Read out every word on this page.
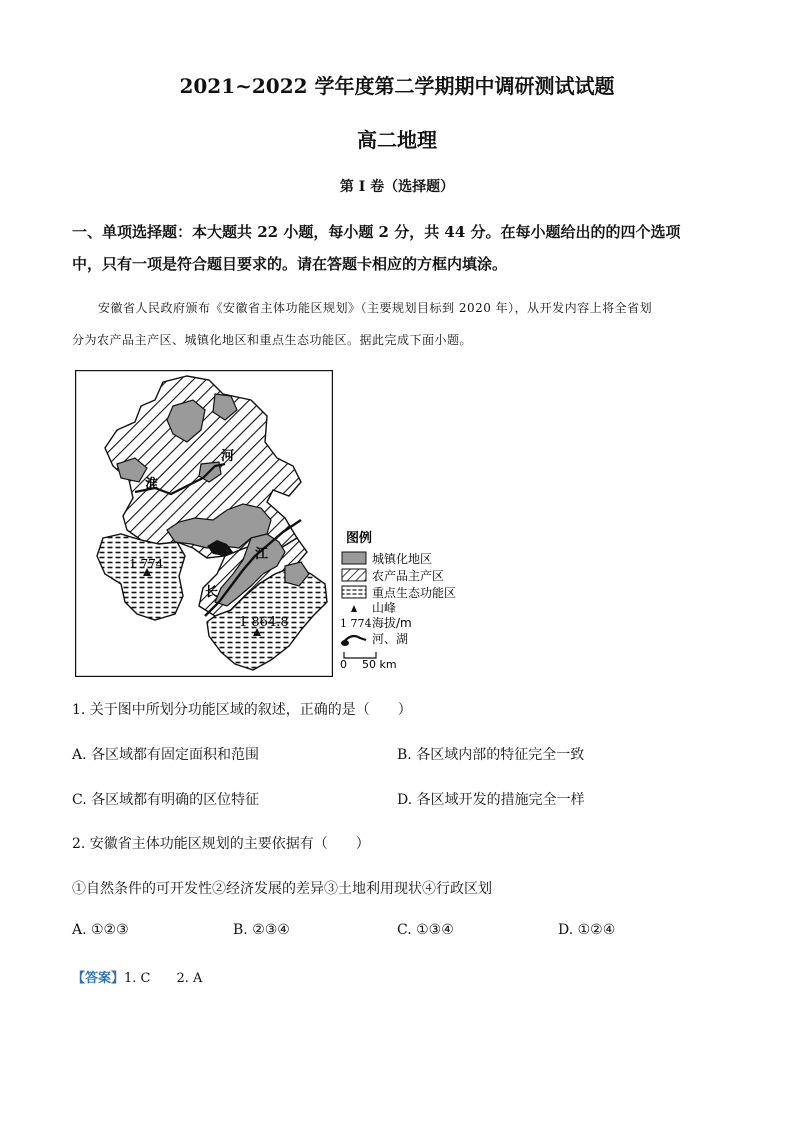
2021~2022 学年度第二学期期中调研测试试题
高二地理
第 I 卷（选择题）
一、单项选择题：本大题共 22 小题，每小题 2 分，共 44 分。在每小题给出的的四个选项
中，只有一项是符合题目要求的。请在答题卡相应的方框内填涂。
安徽省人民政府颁布《安徽省主体功能区规划》（主要规划目标到 2020 年），从开发内容上将全省划
分为农产品主产区、城镇化地区和重点生态功能区。据此完成下面小题。
淮
河
江
长
1 774
1 864.8
图例
城镇化地区
农产品主产区
重点生态功能区
山峰
1 774 海拔/m
河、湖
0 50 km
1. 关于图中所划分功能区域的叙述，正确的是（　　）
A. 各区域都有固定面积和范围	B. 各区域内部的特征完全一致
C. 各区域都有明确的区位特征	D. 各区域开发的措施完全一样
2. 安徽省主体功能区规划的主要依据有（　　）
①自然条件的可开发性②经济发展的差异③土地利用现状④行政区划
A. ①②③	B. ②③④	C. ①③④	D. ①②④
【答案】1. C　　2. A
